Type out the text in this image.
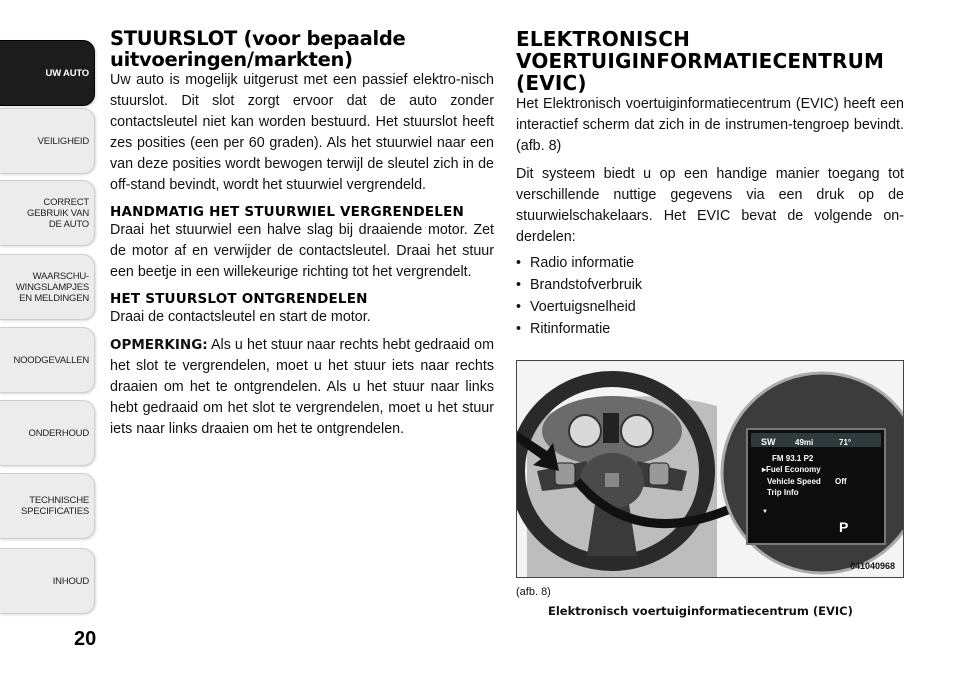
UW AUTO
VEILIGHEID
CORRECT
GEBRUIK VAN
DE AUTO
WAARSCHU-
WINGSLAMPJES
EN MELDINGEN
NOODGEVALLEN
ONDERHOUD
TECHNISCHE
SPECIFICATIES
INHOUD
20
STUURSLOT (voor bepaalde uitvoeringen/markten)

Uw auto is mogelijk uitgerust met een passief elektro-nisch stuurslot. Dit slot zorgt ervoor dat de auto zonder contactsleutel niet kan worden bestuurd. Het stuurslot heeft zes posities (een per 60 graden). Als het stuurwiel naar een van deze posities wordt bewogen terwijl de sleutel zich in de off-stand bevindt, wordt het stuurwiel vergrendeld.

HANDMATIG HET STUURWIEL VERGRENDELEN

Draai het stuurwiel een halve slag bij draaiende motor. Zet de motor af en verwijder de contactsleutel. Draai het stuur een beetje in een willekeurige richting tot het vergrendelt.

HET STUURSLOT ONTGRENDELEN

Draai de contactsleutel en start de motor.

OPMERKING: Als u het stuur naar rechts hebt gedraaid om het slot te vergrendelen, moet u het stuur iets naar rechts draaien om het te ontgrendelen. Als u het stuur naar links hebt gedraaid om het slot te vergrendelen, moet u het stuur iets naar links draaien om het te ontgrendelen.

ELEKTRONISCH VOERTUIGINFORMATIECENTRUM (EVIC)

Het Elektronisch voertuiginformatiecentrum (EVIC) heeft een interactief scherm dat zich in de instrumen-tengroep bevindt. (afb. 8)

Dit systeem biedt u op een handige manier toegang tot verschillende nuttige gegevens via een druk op de stuurwielschakelaars. Het EVIC bevat de volgende on-derdelen:

• Radio informatie
• Brandstofverbruik
• Voertuigsnelheid
• Ritinformatie
SW 49mi	71°
FM 93.1 P2
▸Fuel Economy
Vehicle Speed Off
Trip Info
▼
P
041040968
(afb. 8)
Elektronisch voertuiginformatiecentrum (EVIC)
